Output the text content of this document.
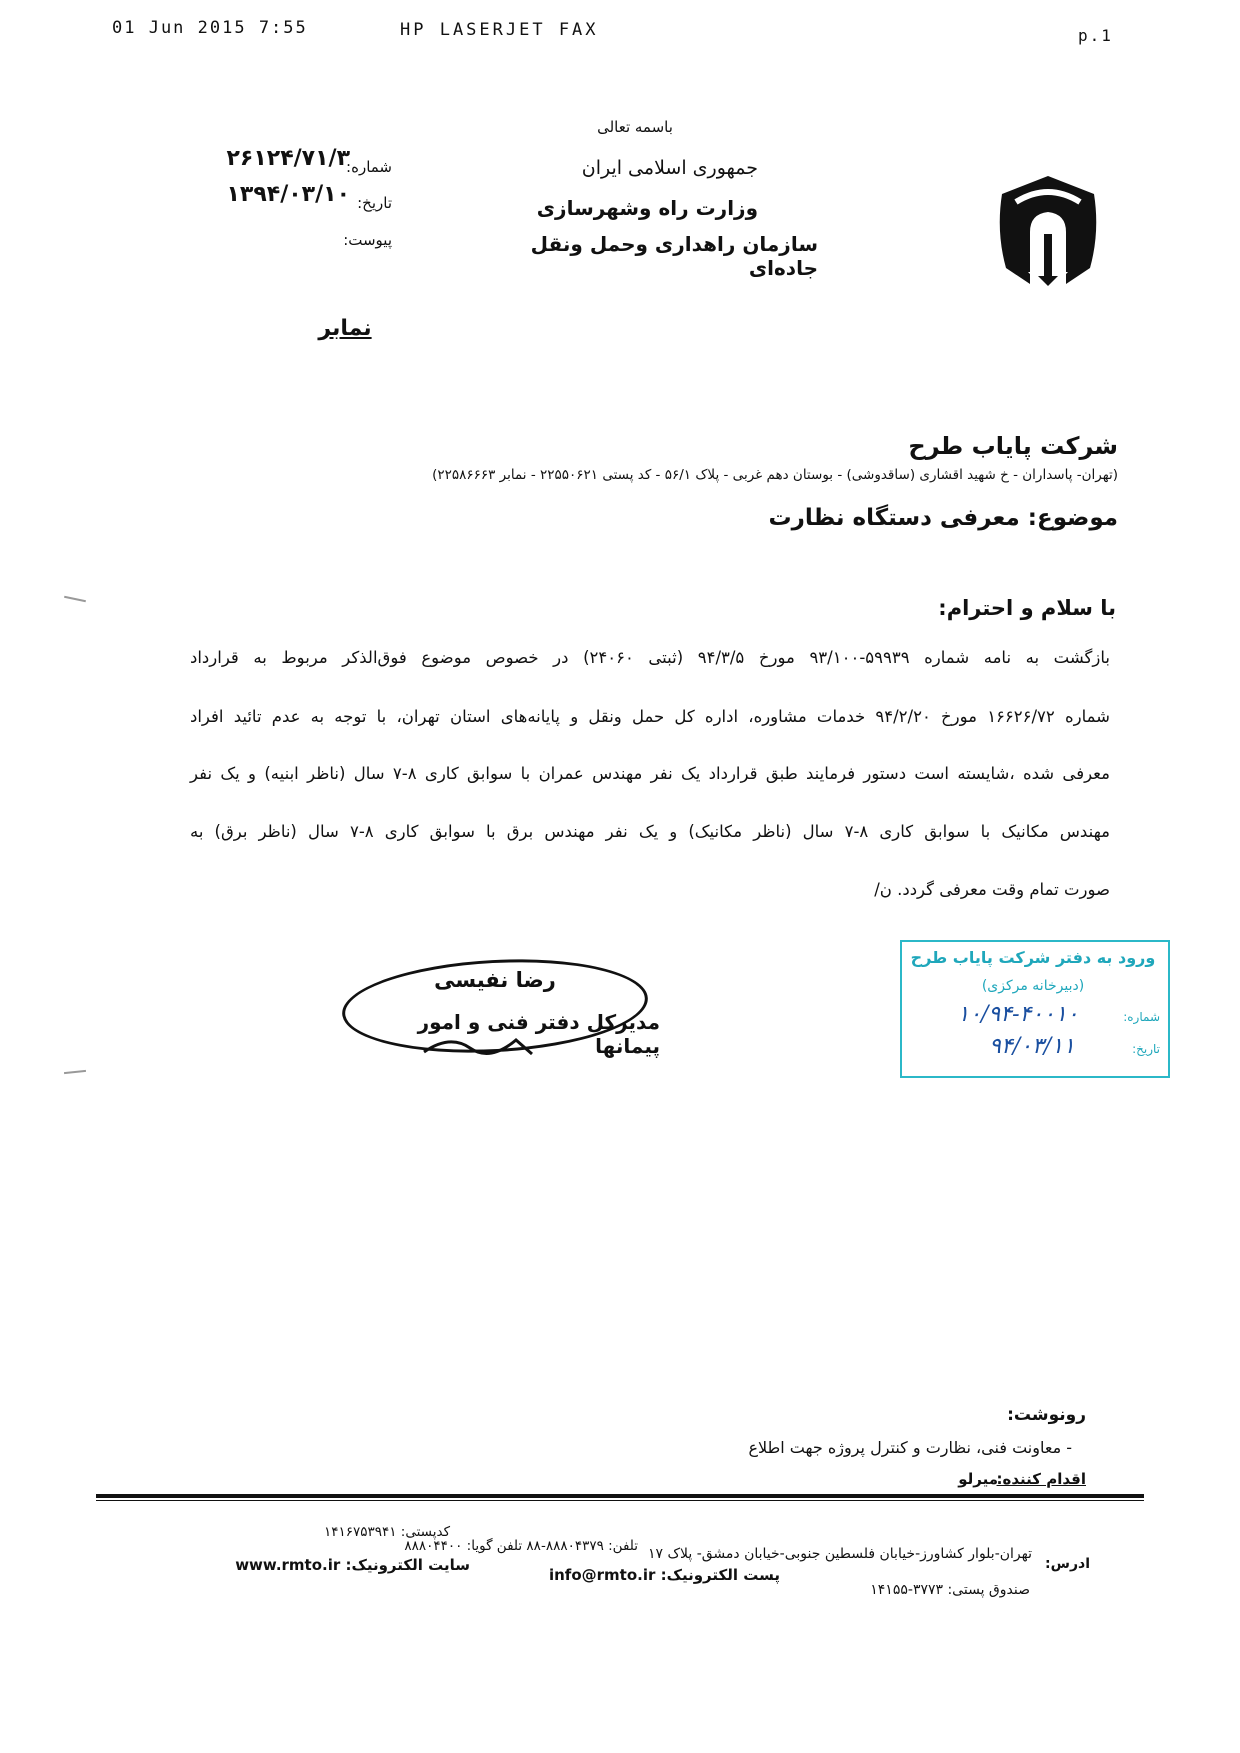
01 Jun 2015 7:55	HP LASERJET FAX	p.1
باسمه تعالی
جمهوری اسلامی ایران
وزارت راه وشهرسازی
سازمان راهداری وحمل ونقل جاده‌ای
شماره:
۲۶۱۲۴/۷۱/۳
تاریخ:
۱۳۹۴/۰۳/۱۰
پیوست:
نمابر
شرکت پایاب طرح
(تهران- پاسداران - خ شهید اقشاری (ساقدوشی) - بوستان دهم غربی - پلاک ۵۶/۱ - کد پستی ۲۲۵۵۰۶۲۱ - نمابر ۲۲۵۸۶۶۶۳)
موضوع: معرفی دستگاه نظارت
با سلام و احترام:
بازگشت به نامه شماره ۵۹۹۳۹-۹۳/۱۰۰ مورخ ۹۴/۳/۵ (ثبتی ۲۴۰۶۰) در خصوص موضوع فوق‌الذکر مربوط به قرارداد
شماره ۱۶۶۲۶/۷۲ مورخ ۹۴/۲/۲۰ خدمات مشاوره، اداره کل حمل ونقل و پایانه‌های استان تهران، با توجه به عدم تائید افراد
معرفی شده ،شایسته است دستور فرمایند طبق قرارداد یک نفر مهندس عمران با سوابق کاری ۸-۷ سال (ناظر ابنیه) و یک نفر
مهندس مکانیک با سوابق کاری ۸-۷ سال (ناظر مکانیک) و یک نفر مهندس برق با سوابق کاری ۸-۷ سال (ناظر برق) به
صورت تمام وقت معرفی گردد. ن/
رضا نفیسی
مدیرکل دفتر فنی و امور پیمانها
ورود به دفتر شرکت پایاب طرح
(دبیرخانه مرکزی)
شماره:
۱۰/۹۴-۴۰۰۱۰
تاریخ:
۹۴/۰۳/۱۱
رونوشت:
- معاونت فنی، نظارت و کنترل پروژه جهت اطلاع
اقدام کننده:
میرلو
ادرس:
تهران-بلوار کشاورز-خیابان فلسطین جنوبی-خیابان دمشق- پلاک ۱۷
تلفن: ۸۸۸۰۴۳۷۹-۸۸ تلفن گویا: ۸۸۸۰۴۴۰۰
کدپستی: ۱۴۱۶۷۵۳۹۴۱
صندوق پستی: ۳۷۷۳-۱۴۱۵۵
پست الکترونیک: info@rmto.ir
سایت الکترونیک: www.rmto.ir
